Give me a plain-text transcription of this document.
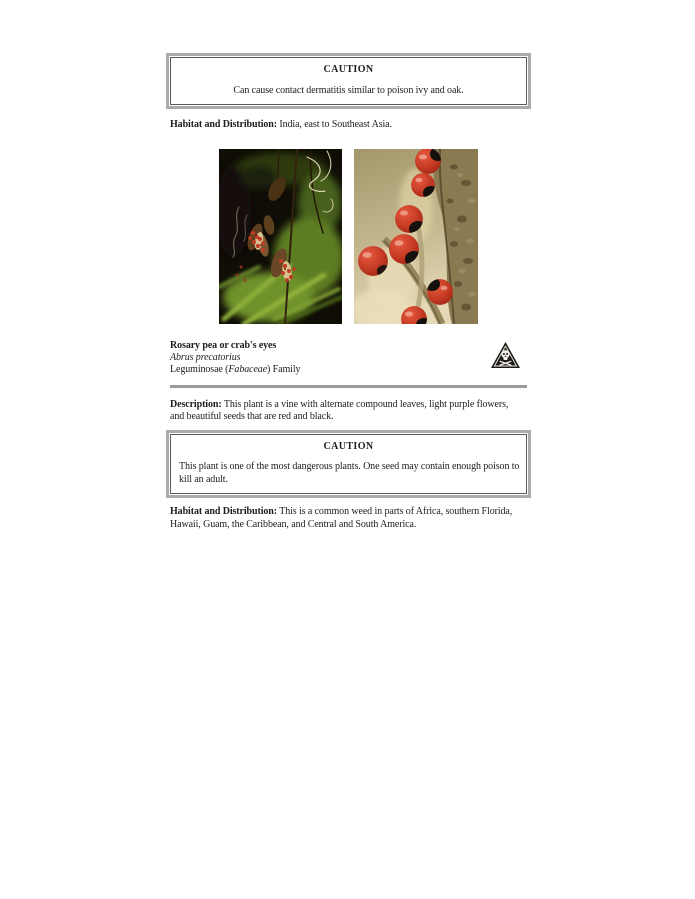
CAUTION
Can cause contact dermatitis similar to poison ivy and oak.

Habitat and Distribution: India, east to Southeast Asia.

Rosary pea or crab's eyes
Abrus precatorius
Leguminosae (Fabaceae) Family

Description: This plant is a vine with alternate compound leaves, light purple flowers,
and beautiful seeds that are red and black.

CAUTION
This plant is one of the most dangerous plants. One seed may contain enough poison to
kill an adult.

Habitat and Distribution: This is a common weed in parts of Africa, southern Florida,
Hawaii, Guam, the Caribbean, and Central and South America.
